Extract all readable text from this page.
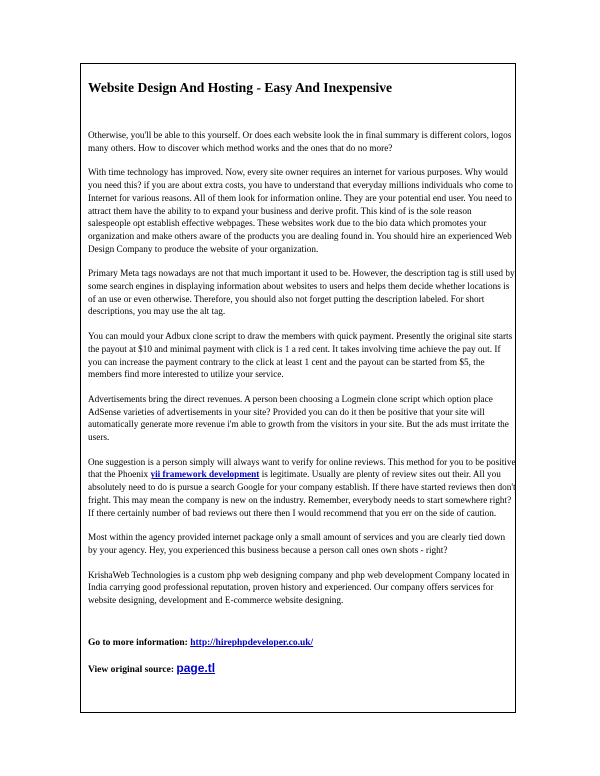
Website Design And Hosting - Easy And Inexpensive

Otherwise, you'll be able to this yourself. Or does each website look the in final summary is different colors, logos many others. How to discover which method works and the ones that do no more?

With time technology has improved. Now, every site owner requires an internet for various purposes. Why would you need this? if you are about extra costs, you have to understand that everyday millions individuals who come to Internet for various reasons. All of them look for information online. They are your potential end user. You need to attract them have the ability to to expand your business and derive profit. This kind of is the sole reason salespeople opt establish effective webpages. These websites work due to the bio data which promotes your organization and make others aware of the products you are dealing found in. You should hire an experienced Web Design Company to produce the website of your organization.

Primary Meta tags nowadays are not that much important it used to be. However, the description tag is still used by some search engines in displaying information about websites to users and helps them decide whether locations is of an use or even otherwise. Therefore, you should also not forget putting the description labeled. For short descriptions, you may use the alt tag.

You can mould your Adbux clone script to draw the members with quick payment. Presently the original site starts the payout at $10 and minimal payment with click is 1 a red cent. It takes involving time achieve the pay out. If you can increase the payment contrary to the click at least 1 cent and the payout can be started from $5, the members find more interested to utilize your service.

Advertisements bring the direct revenues. A person been choosing a Logmein clone script which option place AdSense varieties of advertisements in your site? Provided you can do it then be positive that your site will automatically generate more revenue i'm able to growth from the visitors in your site. But the ads must irritate the users.

One suggestion is a person simply will always want to verify for online reviews. This method for you to be positive that the Phoenix yii framework development is legitimate. Usually are plenty of review sites out their. All you absolutely need to do is pursue a search Google for your company establish. If there have started reviews then don't fright. This may mean the company is new on the industry. Remember, everybody needs to start somewhere right? If there certainly number of bad reviews out there then I would recommend that you err on the side of caution.

Most within the agency provided internet package only a small amount of services and you are clearly tied down by your agency. Hey, you experienced this business because a person call ones own shots - right?

KrishaWeb Technologies is a custom php web designing company and php web development Company located in India carrying good professional reputation, proven history and experienced. Our company offers services for website designing, development and E-commerce website designing.

Go to more information: http://hirephpdeveloper.co.uk/
View original source: page.tl
